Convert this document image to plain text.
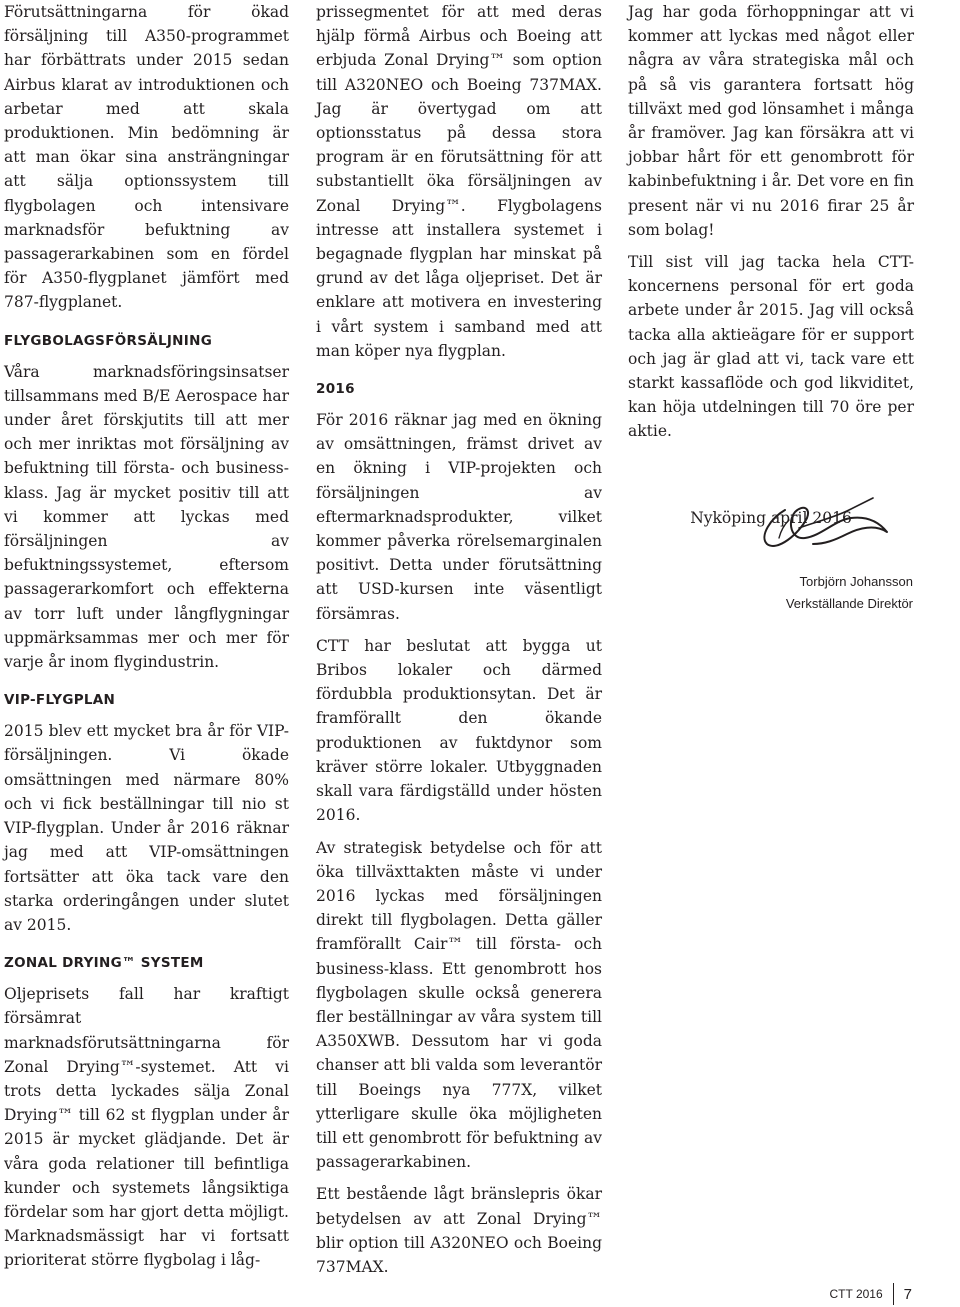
Förutsättningarna för ökad försäljning till A350-programmet har förbättrats under 2015 sedan Airbus klarat av introduktionen och arbetar med att skala produktionen. Min bedömning är att man ökar sina ansträngningar att sälja optionssystem till flygbolagen och intensivare marknadsför befuktning av passagerarkabinen som en fördel för A350-flygplanet jämfört med 787-flygplanet.

FLYGBOLAGSFÖRSÄLJNING

Våra marknadsföringsinsatser tillsammans med B/E Aerospace har under året förskjutits till att mer och mer inriktas mot försäljning av befuktning till första- och business-klass. Jag är mycket positiv till att vi kommer att lyckas med försäljningen av befuktningssystemet, eftersom passagerarkomfort och effekterna av torr luft under långflygningar uppmärksammas mer och mer för varje år inom flygindustrin.

VIP-FLYGPLAN

2015 blev ett mycket bra år för VIP-försäljningen. Vi ökade omsättningen med närmare 80% och vi fick beställningar till nio st VIP-flygplan. Under år 2016 räknar jag med att VIP-omsättningen fortsätter att öka tack vare den starka orderingången under slutet av 2015.

ZONAL DRYING™ SYSTEM

Oljeprisets fall har kraftigt försämrat marknadsförutsättningarna för Zonal Drying™-systemet. Att vi trots detta lyckades sälja Zonal Drying™ till 62 st flygplan under år 2015 är mycket glädjande. Det är våra goda relationer till befintliga kunder och systemets långsiktiga fördelar som har gjort detta möjligt. Marknadsmässigt har vi fortsatt prioriterat större flygbolag i låg-

prissegmentet för att med deras hjälp förmå Airbus och Boeing att erbjuda Zonal Drying™ som option till A320NEO och Boeing 737MAX. Jag är övertygad om att optionsstatus på dessa stora program är en förutsättning för att substantiellt öka försäljningen av Zonal Drying™. Flygbolagens intresse att installera systemet i begagnade flygplan har minskat på grund av det låga oljepriset. Det är enklare att motivera en investering i vårt system i samband med att man köper nya flygplan.

2016

För 2016 räknar jag med en ökning av omsättningen, främst drivet av en ökning i VIP-projekten och försäljningen av eftermarknadsprodukter, vilket kommer påverka rörelsemarginalen positivt. Detta under förutsättning att USD-kursen inte väsentligt försämras.

CTT har beslutat att bygga ut Bribos lokaler och därmed fördubbla produktionsytan. Det är framförallt den ökande produktionen av fuktdynor som kräver större lokaler. Utbyggnaden skall vara färdigställd under hösten 2016.

Av strategisk betydelse och för att öka tillväxttakten måste vi under 2016 lyckas med försäljningen direkt till flygbolagen. Detta gäller framförallt Cair™ till första- och business-klass. Ett genombrott hos flygbolagen skulle också generera fler beställningar av våra system till A350XWB. Dessutom har vi goda chanser att bli valda som leverantör till Boeings nya 777X, vilket ytterligare skulle öka möjligheten till ett genombrott för befuktning av passagerarkabinen.

Ett bestående lågt bränslepris ökar betydelsen av att Zonal Drying™ blir option till A320NEO och Boeing 737MAX.

Jag har goda förhoppningar att vi kommer att lyckas med något eller några av våra strategiska mål och på så vis garantera fortsatt hög tillväxt med god lönsamhet i många år framöver. Jag kan försäkra att vi jobbar hårt för ett genombrott för kabinbefuktning i år. Det vore en fin present när vi nu 2016 firar 25 år som bolag!

Till sist vill jag tacka hela CTT-koncernens personal för ert goda arbete under år 2015. Jag vill också tacka alla aktieägare för er support och jag är glad att vi, tack vare ett starkt kassaflöde och god likviditet, kan höja utdelningen till 70 öre per aktie.

Nyköping april 2016

Torbjörn Johansson
Verkställande Direktör
CTT 2016 7
